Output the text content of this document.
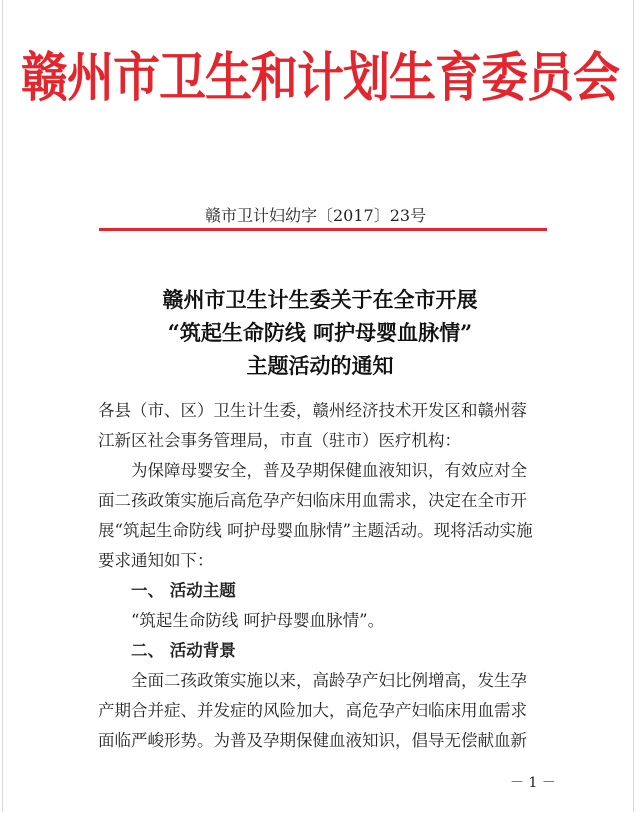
赣州市卫生和计划生育委员会
赣市卫计妇幼字〔2017〕23号
赣州市卫生计生委关于在全市开展
“筑起生命防线 呵护母婴血脉情”
主题活动的通知

各县（市、区）卫生计生委，赣州经济技术开发区和赣州蓉

江新区社会事务管理局，市直（驻市）医疗机构：

为保障母婴安全，普及孕期保健血液知识，有效应对全

面二孩政策实施后高危孕产妇临床用血需求，决定在全市开

展“筑起生命防线 呵护母婴血脉情”主题活动。现将活动实施

要求通知如下：

一、 活动主题

“筑起生命防线 呵护母婴血脉情”。

二、 活动背景

全面二孩政策实施以来，高龄孕产妇比例增高，发生孕

产期合并症、并发症的风险加大，高危孕产妇临床用血需求

面临严峻形势。为普及孕期保健血液知识，倡导无偿献血新

－ 1 －
